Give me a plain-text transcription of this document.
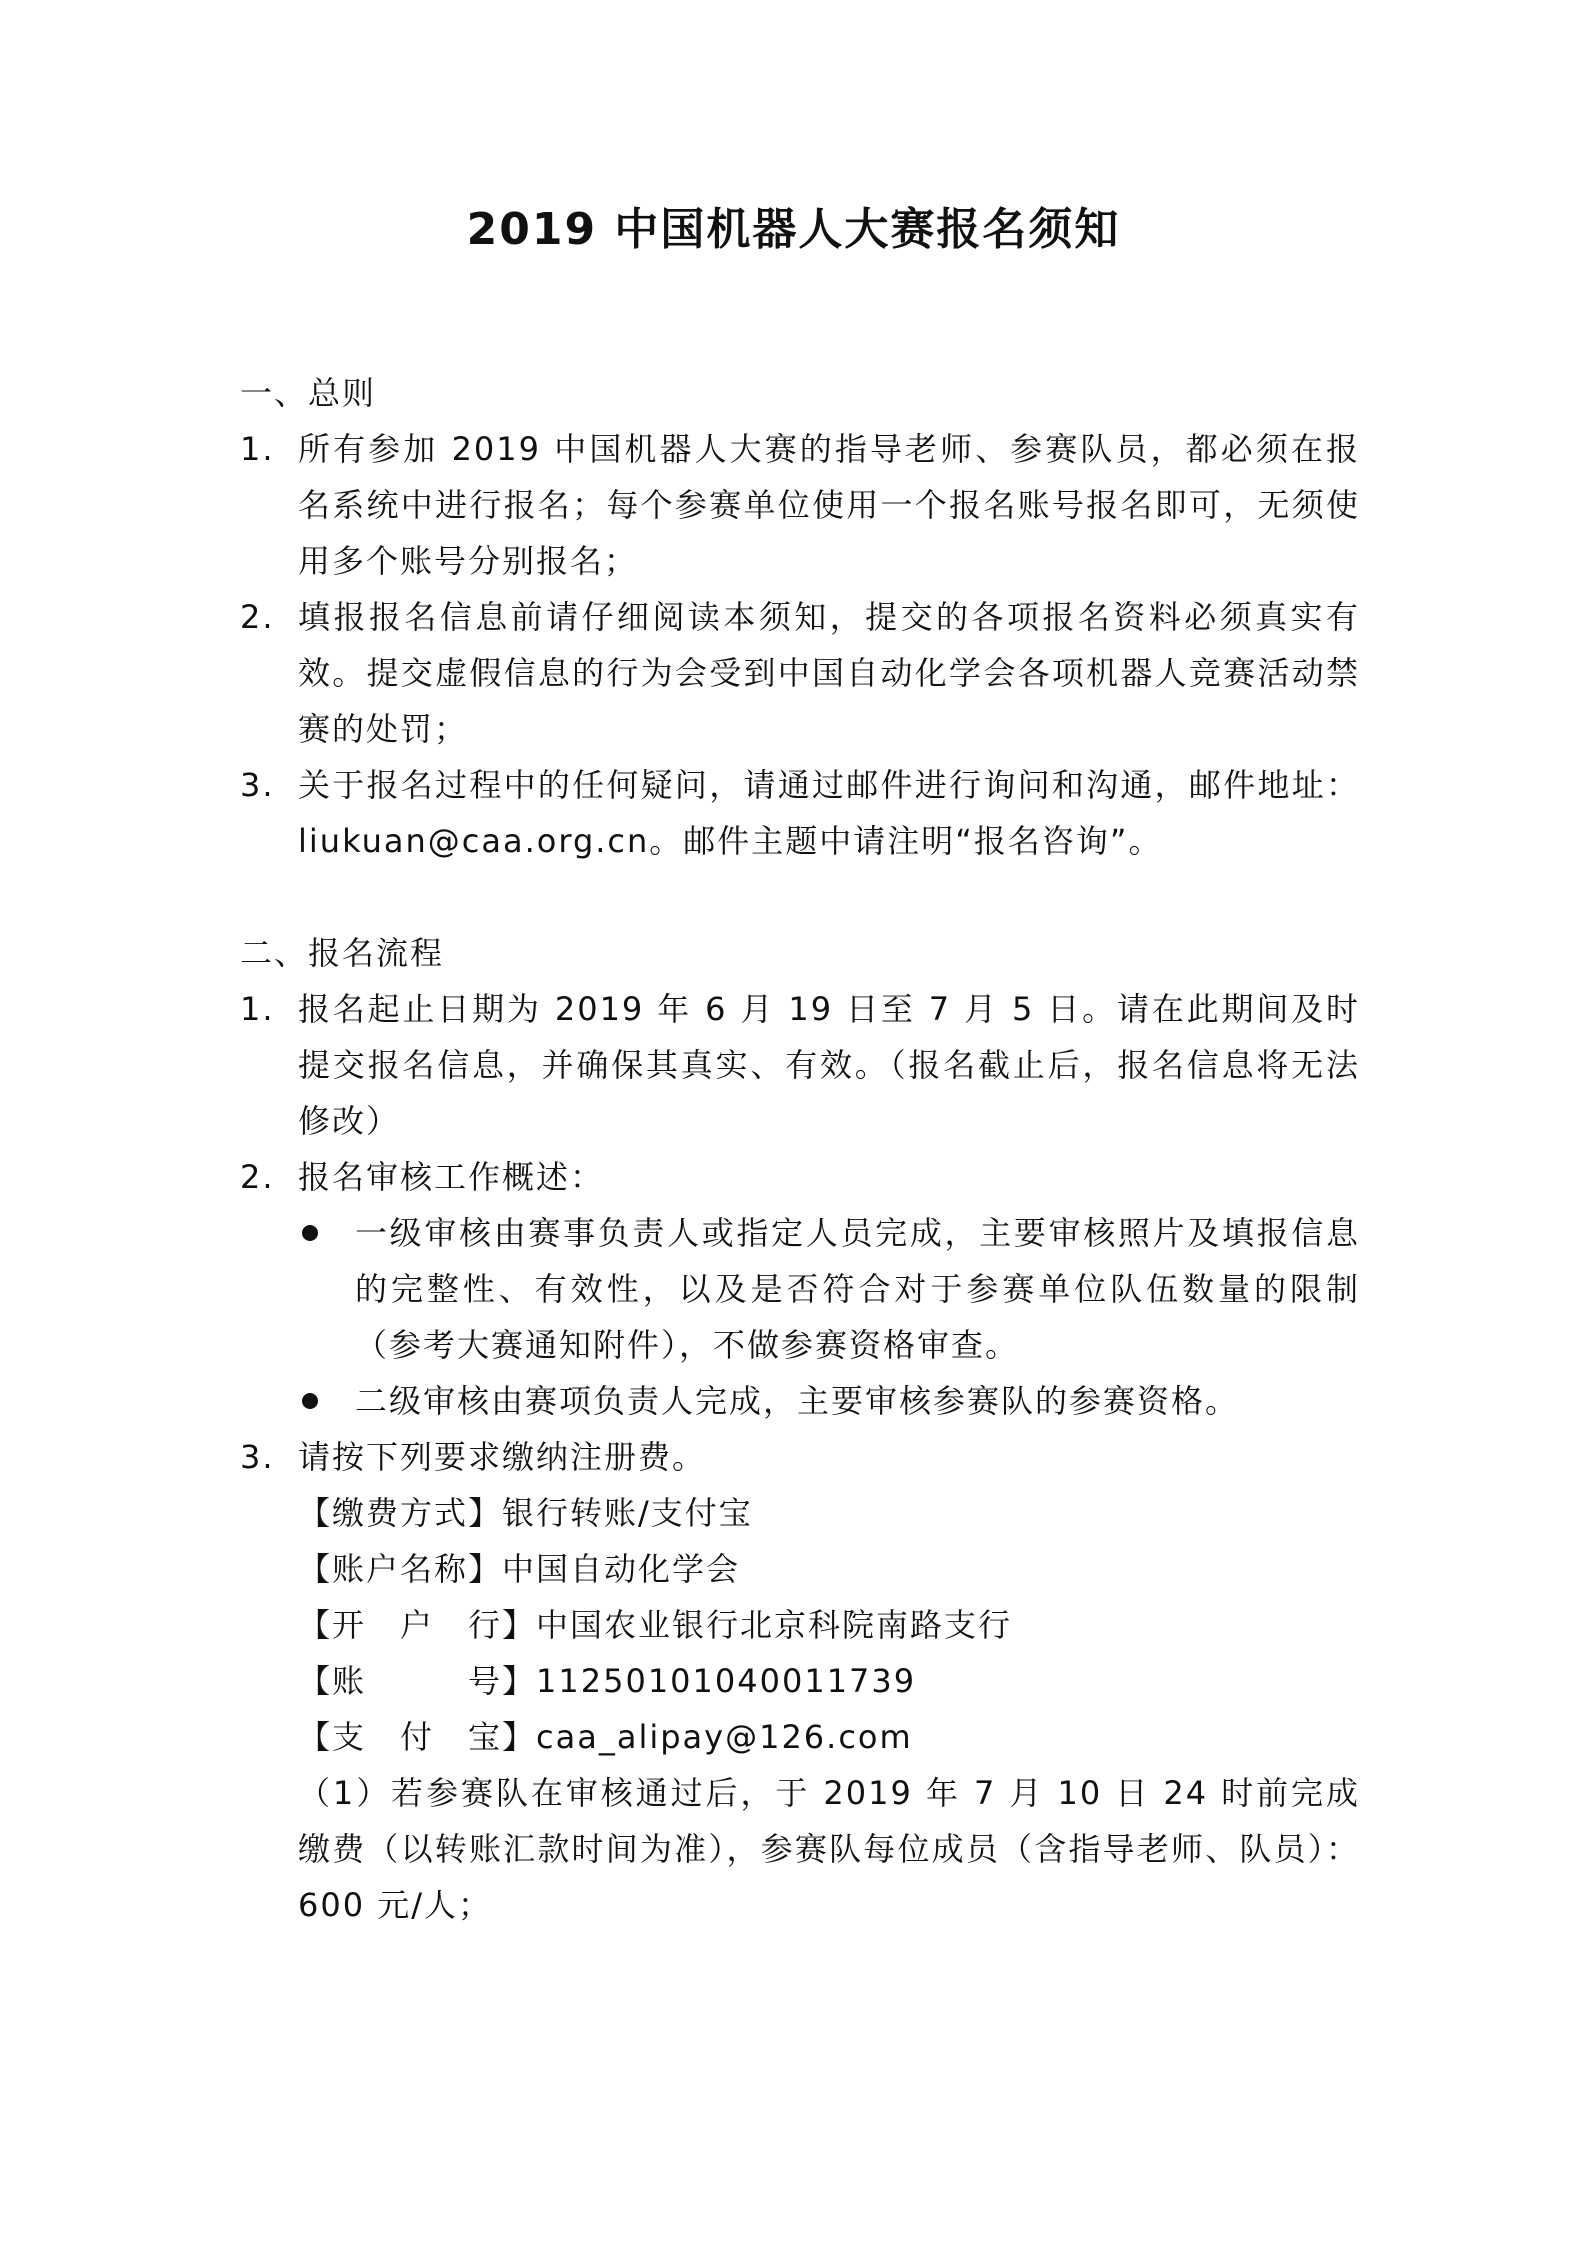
2019 中国机器人大赛报名须知
一、总则
1. 所有参加 2019 中国机器人大赛的指导老师、参赛队员，都必须在报名系统中进行报名；每个参赛单位使用一个报名账号报名即可，无须使用多个账号分别报名；
2. 填报报名信息前请仔细阅读本须知，提交的各项报名资料必须真实有效。提交虚假信息的行为会受到中国自动化学会各项机器人竞赛活动禁赛的处罚；
3. 关于报名过程中的任何疑问，请通过邮件进行询问和沟通，邮件地址：liukuan@caa.org.cn。邮件主题中请注明“报名咨询”。
二、报名流程
1. 报名起止日期为 2019 年 6 月 19 日至 7 月 5 日。请在此期间及时提交报名信息，并确保其真实、有效。（报名截止后，报名信息将无法修改）
2. 报名审核工作概述：
一级审核由赛事负责人或指定人员完成，主要审核照片及填报信息的完整性、有效性，以及是否符合对于参赛单位队伍数量的限制（参考大赛通知附件），不做参赛资格审查。
二级审核由赛项负责人完成，主要审核参赛队的参赛资格。
3. 请按下列要求缴纳注册费。
【缴费方式】银行转账/支付宝
【账户名称】中国自动化学会
【开　户　行】中国农业银行北京科院南路支行
【账　　　号】11250101040011739
【支　付　宝】caa_alipay@126.com
（1）若参赛队在审核通过后，于 2019 年 7 月 10 日 24 时前完成缴费（以转账汇款时间为准），参赛队每位成员（含指导老师、队员）：600 元/人；
